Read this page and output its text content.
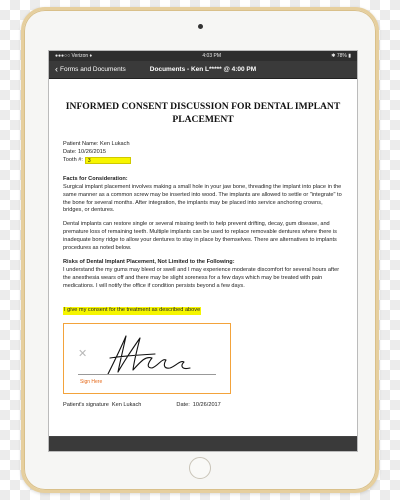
●●●○○ Verizon ♦	4:03 PM	✱ 78% ▮
‹ Forms and Documents	Documents - Ken L***** @ 4:00 PM
INFORMED CONSENT DISCUSSION FOR DENTAL IMPLANT PLACEMENT
Patient Name: Ken Lukach
Date: 10/26/2015
Tooth #:
3
Facts for Consideration:

Surgical implant placement involves making a small hole in your jaw bone, threading the implant into place in the same manner as a common screw may be inserted into wood. The implants are allowed to settle or "integrate" to the bone for several months. After integration, the implants may be placed into service anchoring crowns, bridges, or dentures.

Dental implants can restore single or several missing teeth to help prevent drifting, decay, gum disease, and premature loss of remaining teeth. Multiple implants can be used to replace removable dentures where there is inadequate bony ridge to allow your dentures to stay in place by themselves. There are alternatives to implants procedures as noted below.

Risks of Dental Implant Placement, Not Limited to the Following:

I understand the my gums may bleed or swell and I may experience moderate discomfort for several hours after the anesthesia wears off and there may be slight soreness for a few days which may be treated with pain medications. I will notify the office if condition persists beyond a few days.

I give my consent for the treatment as described above
✕
Sign Here
Patient's signature Ken Lukach	Date: 10/26/2017
